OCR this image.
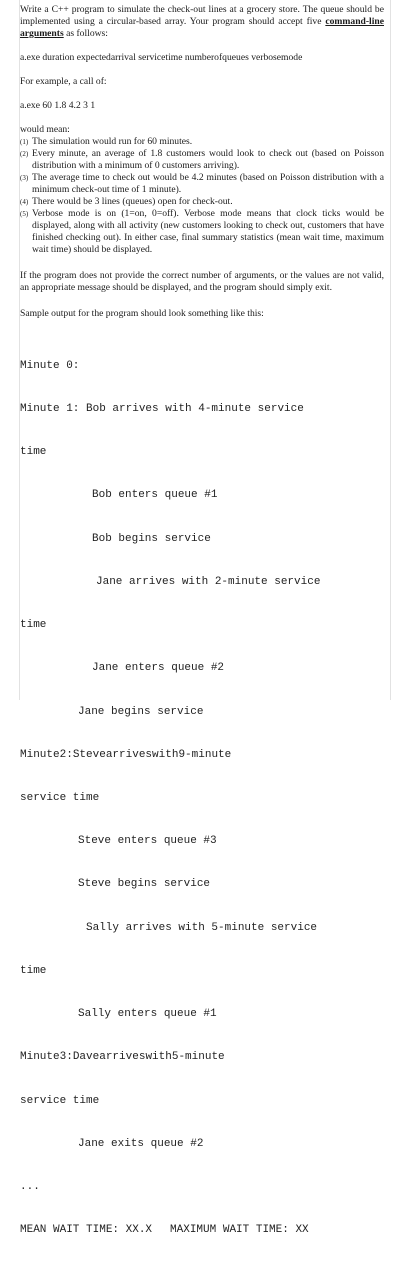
Write a C++ program to simulate the check-out lines at a grocery store. The queue should be implemented using a circular-based array. Your program should accept five command-line arguments as follows:

a.exe duration expectedarrival servicetime numberofqueues verbosemode

For example, a call of:

a.exe 60 1.8 4.2 3 1

would mean:

(1) The simulation would run for 60 minutes.
(2) Every minute, an average of 1.8 customers would look to check out (based on Poisson distribution with a minimum of 0 customers arriving).
(3) The average time to check out would be 4.2 minutes (based on Poisson distribution with a minimum check-out time of 1 minute).
(4) There would be 3 lines (queues) open for check-out.
(5) Verbose mode is on (1=on, 0=off). Verbose mode means that clock ticks would be displayed, along with all activity (new customers looking to check out, customers that have finished checking out). In either case, final summary statistics (mean wait time, maximum wait time) should be displayed.

If the program does not provide the correct number of arguments, or the values are not valid, an appropriate message should be displayed, and the program should simply exit.

Sample output for the program should look something like this:

Minute 0:

Minute 1: Bob arrives with 4-minute service

time

Bob enters queue #1

Bob begins service

Jane arrives with 2-minute service

time

Jane enters queue #2

Jane begins service

Minute2:Stevearriveswith9-minute

service time

Steve enters queue #3

Steve begins service

Sally arrives with 5-minute service

time

Sally enters queue #1

Minute3:Davearriveswith5-minute

service time

Jane exits queue #2

...

MEAN WAIT TIME: XX.X MAXIMUM WAIT TIME: XX
